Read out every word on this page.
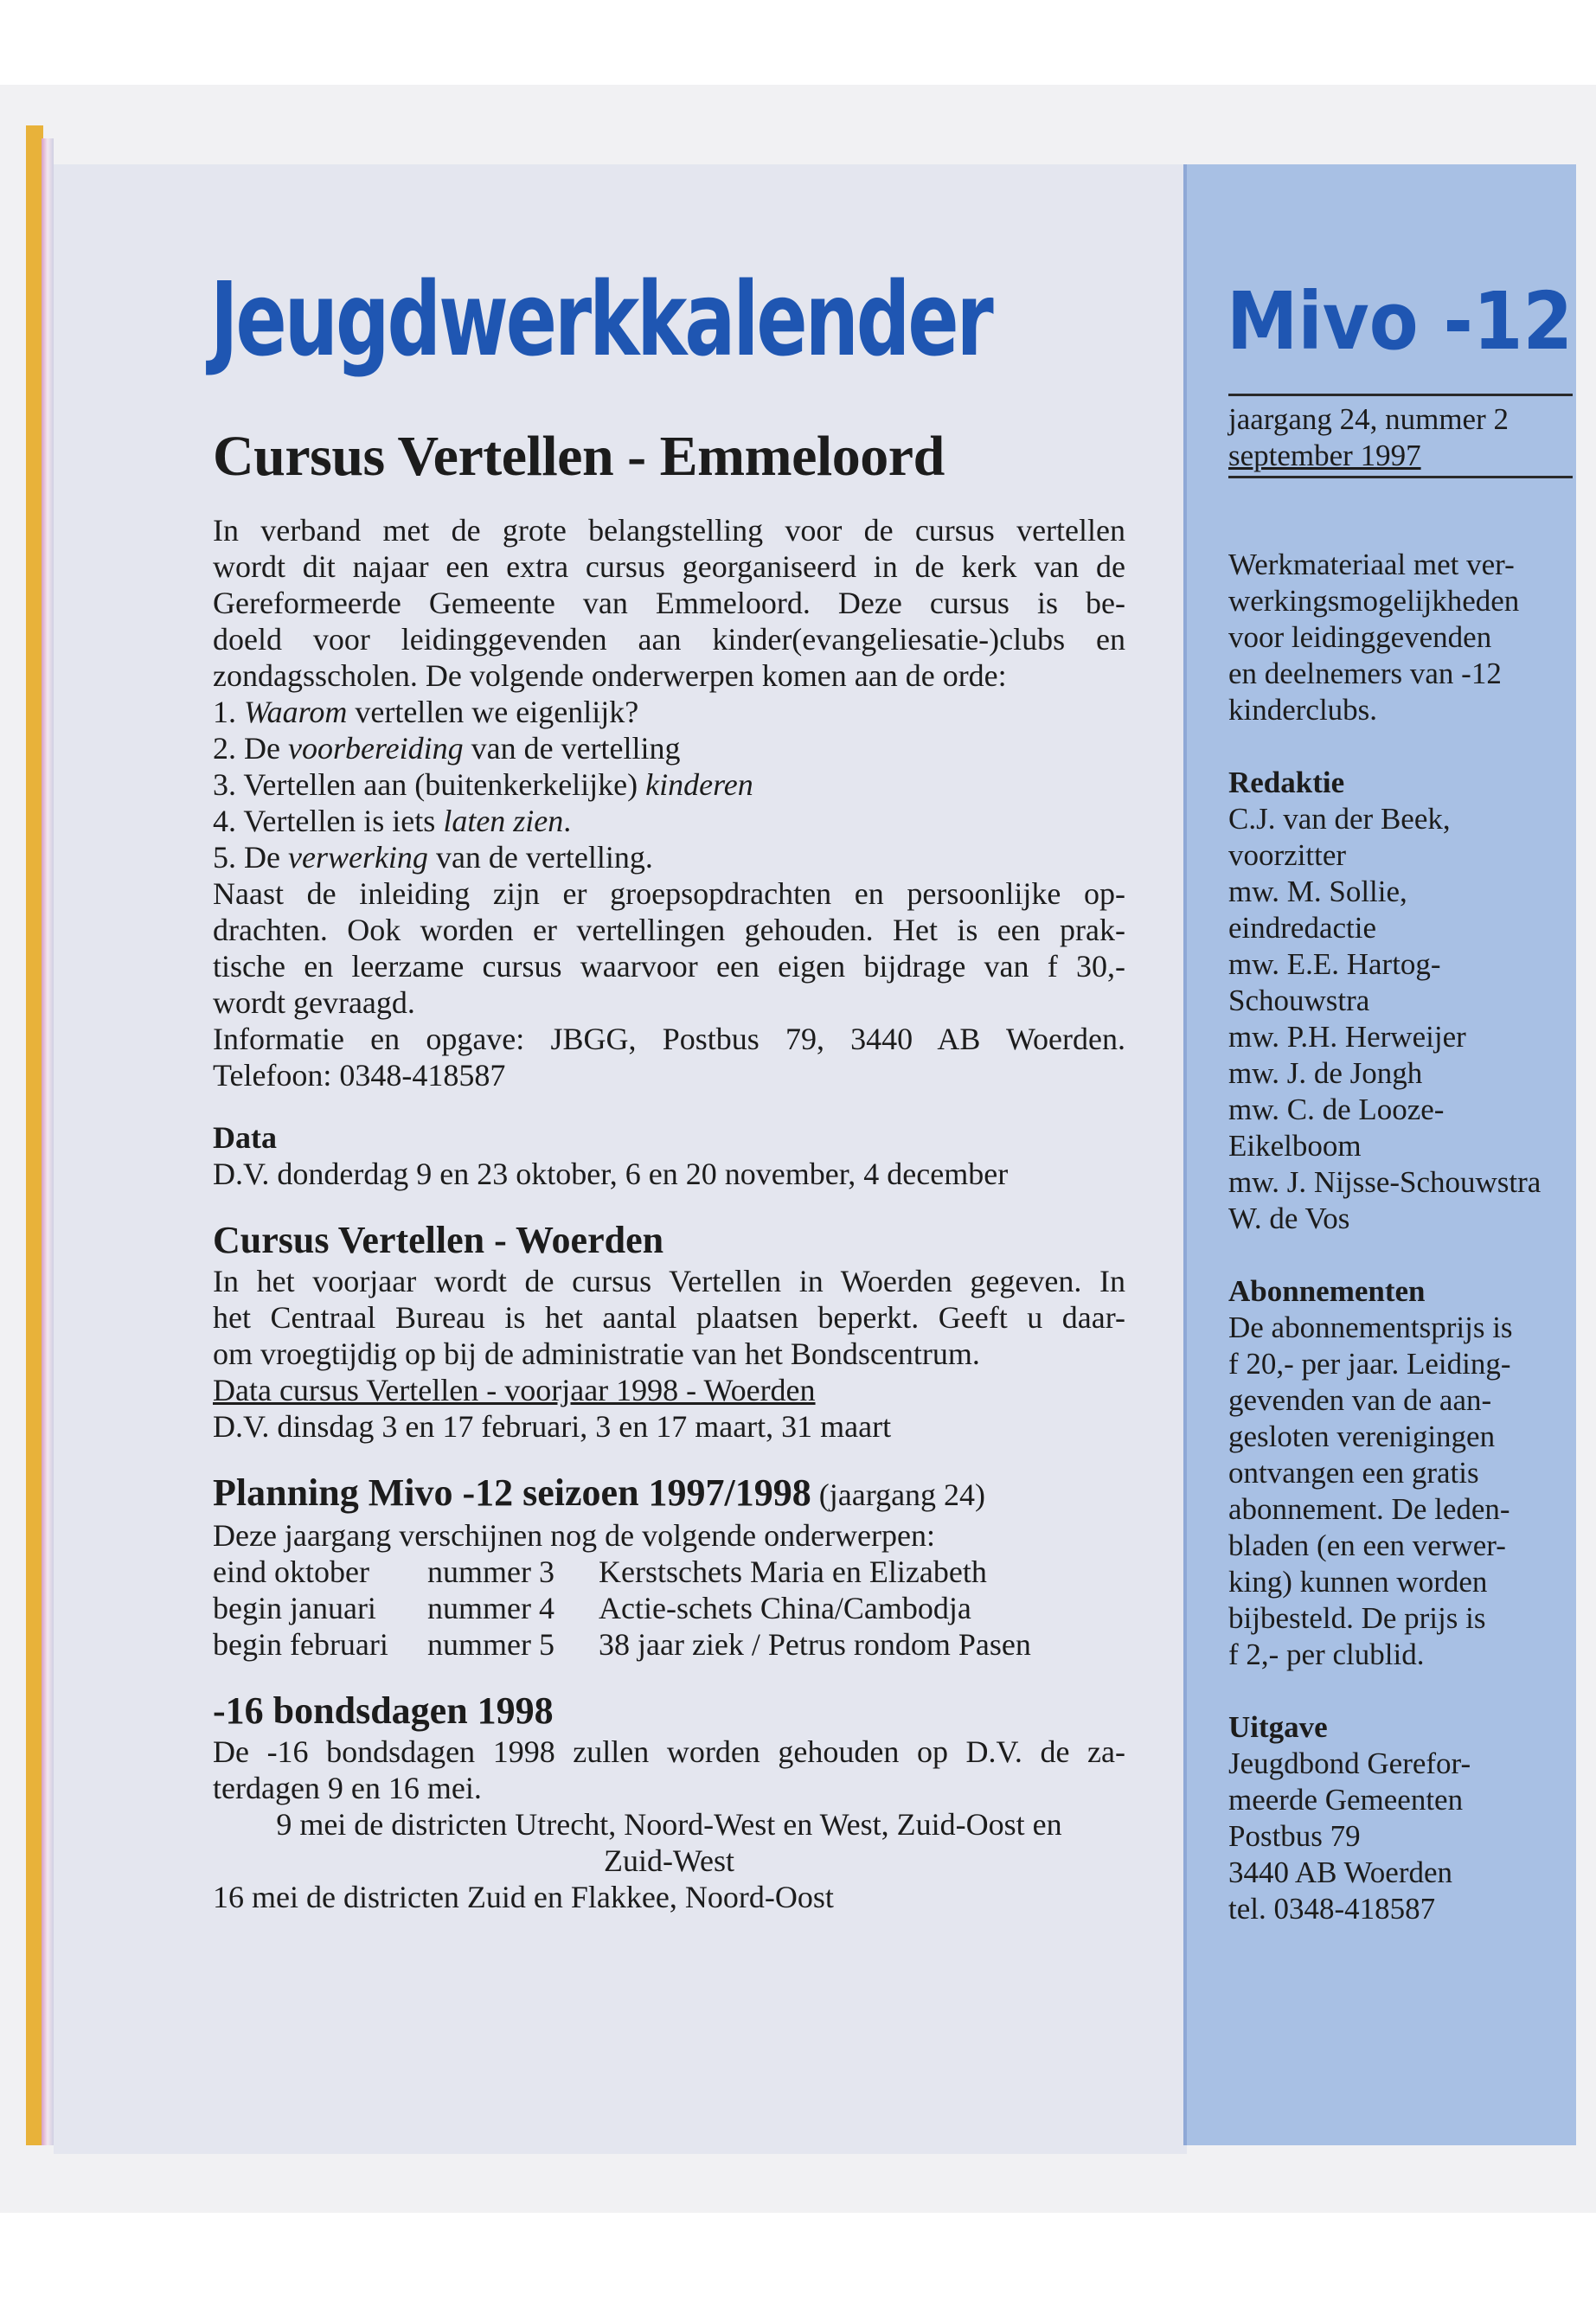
Jeugdwerkkalender	Mivo -12

jaargang 24, nummer 2

september 1997

Werkmateriaal met ver-

werkingsmogelijkheden

voor leidinggevenden

en deelnemers van -12

kinderclubs.

Redaktie

C.J. van der Beek,

voorzitter

mw. M. Sollie,

eindredactie

mw. E.E. Hartog-

Schouwstra

mw. P.H. Herweijer

mw. J. de Jongh

mw. C. de Looze-

Eikelboom

mw. J. Nijsse-Schouwstra

W. de Vos

Abonnementen

De abonnementsprijs is

f 20,- per jaar. Leiding-

gevenden van de aan-

gesloten verenigingen

ontvangen een gratis

abonnement. De leden-

bladen (en een verwer-

king) kunnen worden

bijbesteld. De prijs is

f 2,- per clublid.

Uitgave

Jeugdbond Gerefor-

meerde Gemeenten

Postbus 79

3440 AB Woerden

tel. 0348-418587

Cursus Vertellen - Emmeloord

In verband met de grote belangstelling voor de cursus vertellen

wordt dit najaar een extra cursus georganiseerd in de kerk van de

Gereformeerde Gemeente van Emmeloord. Deze cursus is be-

doeld voor leidinggevenden aan kinder(evangeliesatie-)clubs en

zondagsscholen. De volgende onderwerpen komen aan de orde:

1. Waarom vertellen we eigenlijk?

2. De voorbereiding van de vertelling

3. Vertellen aan (buitenkerkelijke) kinderen

4. Vertellen is iets laten zien.

5. De verwerking van de vertelling.

Naast de inleiding zijn er groepsopdrachten en persoonlijke op-

drachten. Ook worden er vertellingen gehouden. Het is een prak-

tische en leerzame cursus waarvoor een eigen bijdrage van f 30,-

wordt gevraagd.

Informatie en opgave: JBGG, Postbus 79, 3440 AB Woerden.

Telefoon: 0348-418587

Data

D.V. donderdag 9 en 23 oktober, 6 en 20 november, 4 december

Cursus Vertellen - Woerden

In het voorjaar wordt de cursus Vertellen in Woerden gegeven. In

het Centraal Bureau is het aantal plaatsen beperkt. Geeft u daar-

om vroegtijdig op bij de administratie van het Bondscentrum.

Data cursus Vertellen - voorjaar 1998 - Woerden

D.V. dinsdag 3 en 17 februari, 3 en 17 maart, 31 maart

Planning Mivo -12 seizoen 1997/1998 (jaargang 24)

Deze jaargang verschijnen nog de volgende onderwerpen:

eind oktober	nummer 3	Kerstschets Maria en Elizabeth
begin januari	nummer 4	Actie-schets China/Cambodja
begin februari	nummer 5	38 jaar ziek / Petrus rondom Pasen
-16 bondsdagen 1998

De -16 bondsdagen 1998 zullen worden gehouden op D.V. de za-

terdagen 9 en 16 mei.

9 mei de districten Utrecht, Noord-West en West, Zuid-Oost en

Zuid-West

16 mei de districten Zuid en Flakkee, Noord-Oost
